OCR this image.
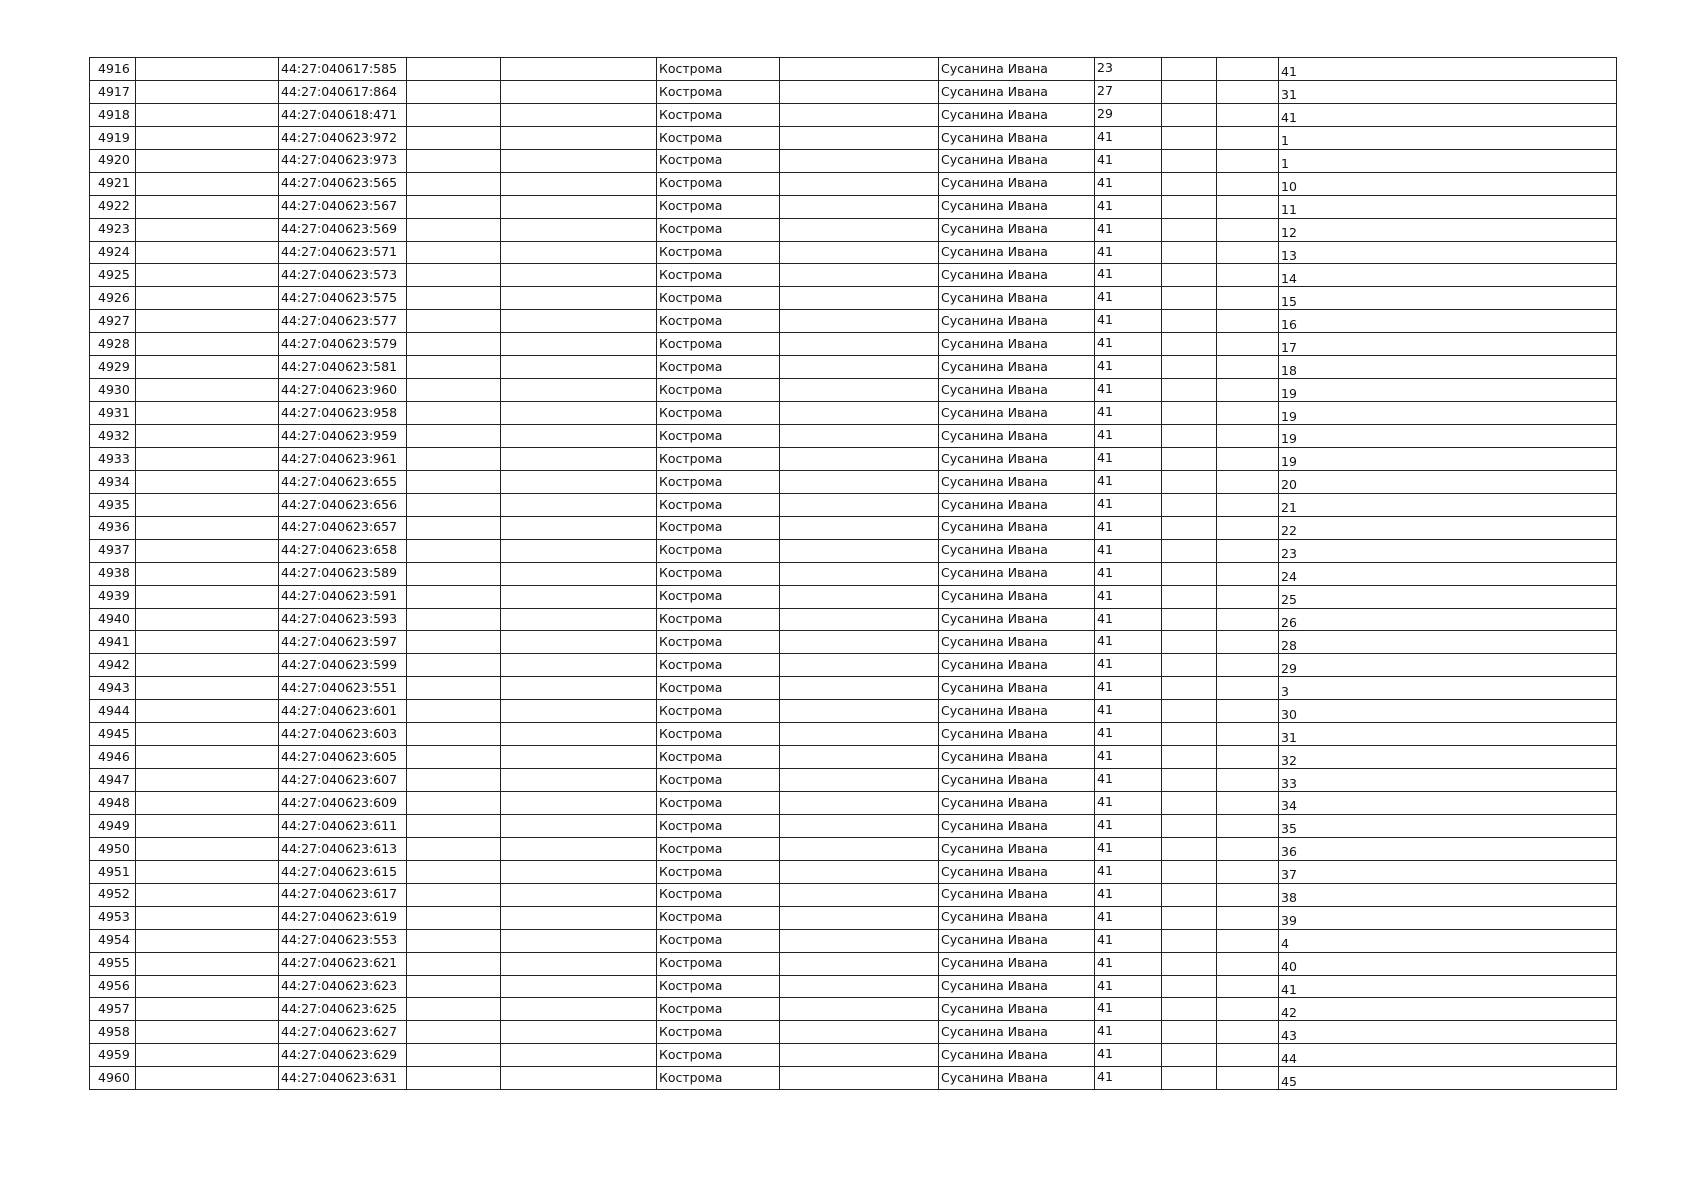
4916		44:27:040617:585			Кострома		Сусанина Ивана	23			41
4917		44:27:040617:864			Кострома		Сусанина Ивана	27			31
4918		44:27:040618:471			Кострома		Сусанина Ивана	29			41
4919		44:27:040623:972			Кострома		Сусанина Ивана	41			1
4920		44:27:040623:973			Кострома		Сусанина Ивана	41			1
4921		44:27:040623:565			Кострома		Сусанина Ивана	41			10
4922		44:27:040623:567			Кострома		Сусанина Ивана	41			11
4923		44:27:040623:569			Кострома		Сусанина Ивана	41			12
4924		44:27:040623:571			Кострома		Сусанина Ивана	41			13
4925		44:27:040623:573			Кострома		Сусанина Ивана	41			14
4926		44:27:040623:575			Кострома		Сусанина Ивана	41			15
4927		44:27:040623:577			Кострома		Сусанина Ивана	41			16
4928		44:27:040623:579			Кострома		Сусанина Ивана	41			17
4929		44:27:040623:581			Кострома		Сусанина Ивана	41			18
4930		44:27:040623:960			Кострома		Сусанина Ивана	41			19
4931		44:27:040623:958			Кострома		Сусанина Ивана	41			19
4932		44:27:040623:959			Кострома		Сусанина Ивана	41			19
4933		44:27:040623:961			Кострома		Сусанина Ивана	41			19
4934		44:27:040623:655			Кострома		Сусанина Ивана	41			20
4935		44:27:040623:656			Кострома		Сусанина Ивана	41			21
4936		44:27:040623:657			Кострома		Сусанина Ивана	41			22
4937		44:27:040623:658			Кострома		Сусанина Ивана	41			23
4938		44:27:040623:589			Кострома		Сусанина Ивана	41			24
4939		44:27:040623:591			Кострома		Сусанина Ивана	41			25
4940		44:27:040623:593			Кострома		Сусанина Ивана	41			26
4941		44:27:040623:597			Кострома		Сусанина Ивана	41			28
4942		44:27:040623:599			Кострома		Сусанина Ивана	41			29
4943		44:27:040623:551			Кострома		Сусанина Ивана	41			3
4944		44:27:040623:601			Кострома		Сусанина Ивана	41			30
4945		44:27:040623:603			Кострома		Сусанина Ивана	41			31
4946		44:27:040623:605			Кострома		Сусанина Ивана	41			32
4947		44:27:040623:607			Кострома		Сусанина Ивана	41			33
4948		44:27:040623:609			Кострома		Сусанина Ивана	41			34
4949		44:27:040623:611			Кострома		Сусанина Ивана	41			35
4950		44:27:040623:613			Кострома		Сусанина Ивана	41			36
4951		44:27:040623:615			Кострома		Сусанина Ивана	41			37
4952		44:27:040623:617			Кострома		Сусанина Ивана	41			38
4953		44:27:040623:619			Кострома		Сусанина Ивана	41			39
4954		44:27:040623:553			Кострома		Сусанина Ивана	41			4
4955		44:27:040623:621			Кострома		Сусанина Ивана	41			40
4956		44:27:040623:623			Кострома		Сусанина Ивана	41			41
4957		44:27:040623:625			Кострома		Сусанина Ивана	41			42
4958		44:27:040623:627			Кострома		Сусанина Ивана	41			43
4959		44:27:040623:629			Кострома		Сусанина Ивана	41			44
4960		44:27:040623:631			Кострома		Сусанина Ивана	41			45
